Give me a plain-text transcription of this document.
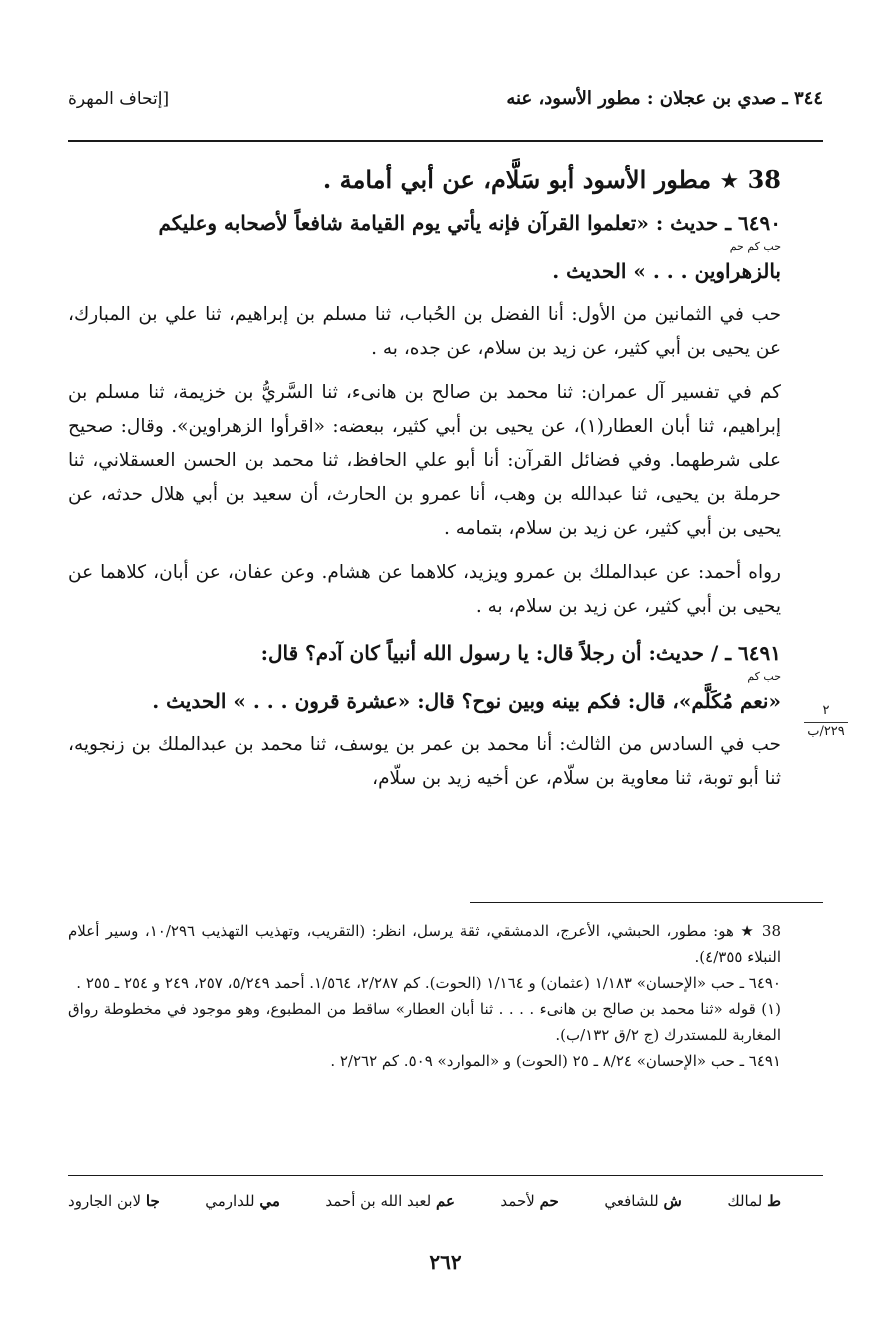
٣٤٤ ـ صدي بن عجلان : مطور الأسود، عنه
[إتحاف المهرة

38 ★ مطور الأسود أبو سَلَّام، عن أبي أمامة .

٦٤٩٠ ـ حديث : «تعلموا القرآن فإنه يأتي يوم القيامة شافعاً لأصحابه وعليكم
حب كم حم
بالزهراوين . . . » الحديث .

حب في الثمانين من الأول: أنا الفضل بن الحُباب، ثنا مسلم بن إبراهيم، ثنا علي بن المبارك، عن يحيى بن أبي كثير، عن زيد بن سلام، عن جده، به .

كم في تفسير آل عمران: ثنا محمد بن صالح بن هانىء، ثنا السَّريُّ بن خزيمة، ثنا مسلم بن إبراهيم، ثنا أبان العطار(١)، عن يحيى بن أبي كثير، ببعضه: «اقرأوا الزهراوين». وقال: صحيح على شرطهما. وفي فضائل القرآن: أنا أبو علي الحافظ، ثنا محمد بن الحسن العسقلاني، ثنا حرملة بن يحيى، ثنا عبدالله بن وهب، أنا عمرو بن الحارث، أن سعيد بن أبي هلال حدثه، عن يحيى بن أبي كثير، عن زيد بن سلام، بتمامه .

رواه أحمد: عن عبدالملك بن عمرو ويزيد، كلاهما عن هشام. وعن عفان، عن أبان، كلاهما عن يحيى بن أبي كثير، عن زيد بن سلام، به .

٦٤٩١ ـ / حديث: أن رجلاً قال: يا رسول الله أنبياً كان آدم؟ قال:
حب كم
«نعم مُكَلَّم»، قال: فكم بينه وبين نوح؟ قال: «عشرة قرون . . . » الحديث .

حب في السادس من الثالث: أنا محمد بن عمر بن يوسف، ثنا محمد بن عبدالملك بن زنجويه، ثنا أبو توبة، ثنا معاوية بن سلّام، عن أخيه زيد بن سلّام،

٢
٢٢٩/ب

38 ★ هو: مطور، الحبشي، الأعرج، الدمشقي، ثقة يرسل، انظر: (التقريب، وتهذيب التهذيب ١٠/٢٩٦، وسير أعلام النبلاء ٤/٣٥٥).

٦٤٩٠ ـ حب «الإحسان» ١/١٨٣ (عثمان) و ١/١٦٤ (الحوت). كم ٢/٢٨٧، ١/٥٦٤. أحمد ٥/٢٤٩، ٢٥٧، ٢٤٩ و ٢٥٤ ـ ٢٥٥ .

(١) قوله «ثنا محمد بن صالح بن هانىء . . . . ثنا أبان العطار» ساقط من المطبوع، وهو موجود في مخطوطة رواق المغاربة للمستدرك (ج ٢/ق ١٣٢/ب).

٦٤٩١ ـ حب «الإحسان» ٨/٢٤ ـ ٢٥ (الحوت) و «الموارد» ٥٠٩. كم ٢/٢٦٢ .

ط لمالك
ش للشافعي
حم لأحمد
عم لعبد الله بن أحمد
مي للدارمي
جا لابن الجارود
٢٦٢
